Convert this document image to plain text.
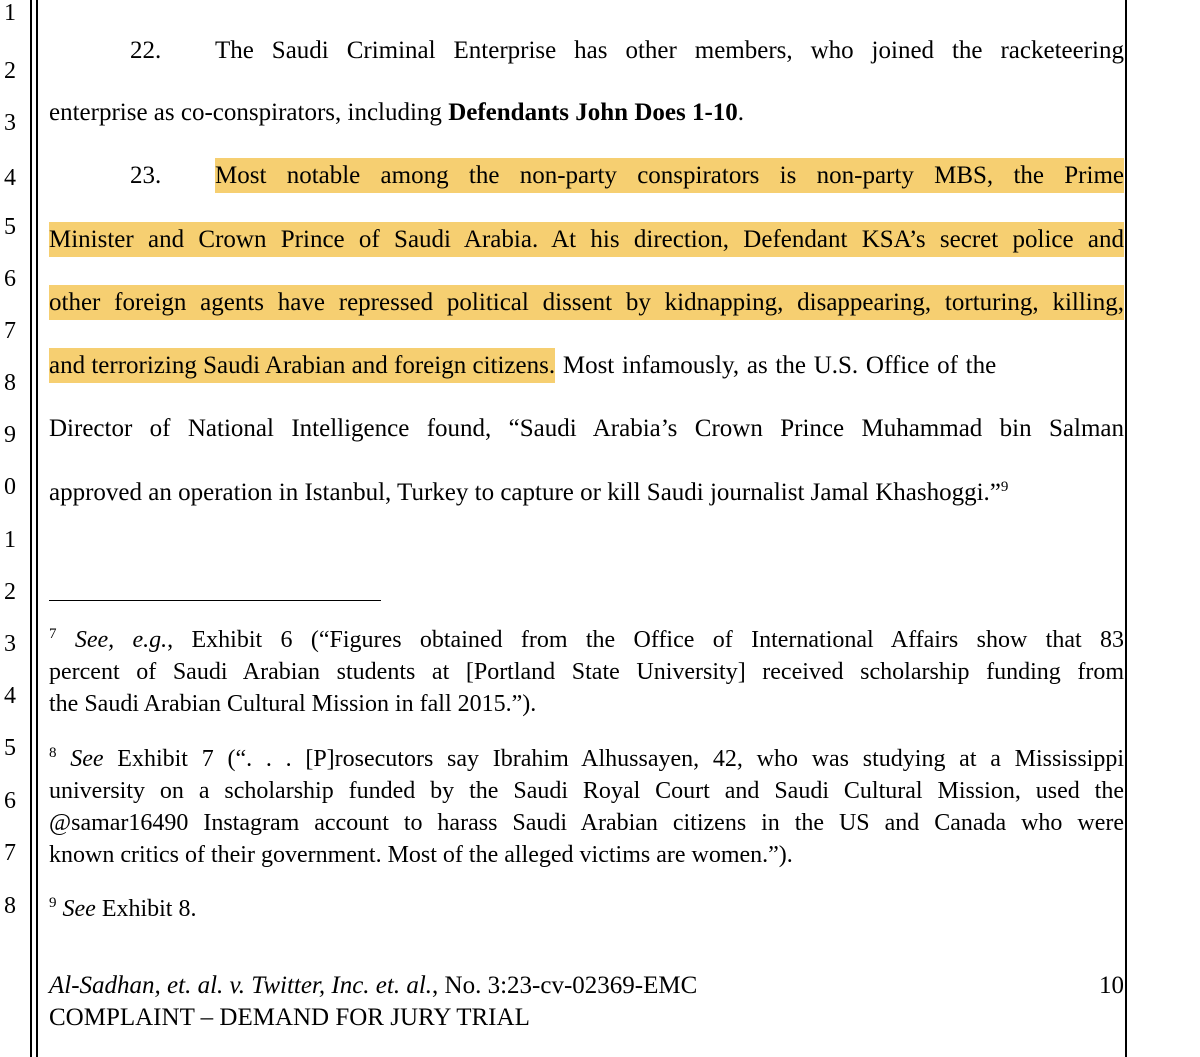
1
2
3
4
5
6
7
8
9
0
1
2
3
4
5
6
7
8
22. The Saudi Criminal Enterprise has other members, who joined the racketeering
enterprise as co-conspirators, including Defendants John Does 1-10.
23. Most notable among the non-party conspirators is non-party MBS, the Prime
Minister and Crown Prince of Saudi Arabia. At his direction, Defendant KSA’s secret police and
other foreign agents have repressed political dissent by kidnapping, disappearing, torturing, killing,
and terrorizing Saudi Arabian and foreign citizens. Most infamously, as the U.S. Office of the
Director of National Intelligence found, “Saudi Arabia’s Crown Prince Muhammad bin Salman
approved an operation in Istanbul, Turkey to capture or kill Saudi journalist Jamal Khashoggi.”$^9$
$^7$ See, e.g., Exhibit 6 (“Figures obtained from the Office of International Affairs show that 83
percent of Saudi Arabian students at [Portland State University] received scholarship funding from
the Saudi Arabian Cultural Mission in fall 2015.”).
$^8$ See Exhibit 7 (“. . . [P]rosecutors say Ibrahim Alhussayen, 42, who was studying at a Mississippi
university on a scholarship funded by the Saudi Royal Court and Saudi Cultural Mission, used the
@samar16490 Instagram account to harass Saudi Arabian citizens in the US and Canada who were
known critics of their government. Most of the alleged victims are women.”).
$^9$ See Exhibit 8.
Al-Sadhan, et. al. v. Twitter, Inc. et. al., No. 3:23-cv-02369-EMC
COMPLAINT – DEMAND FOR JURY TRIAL
10
